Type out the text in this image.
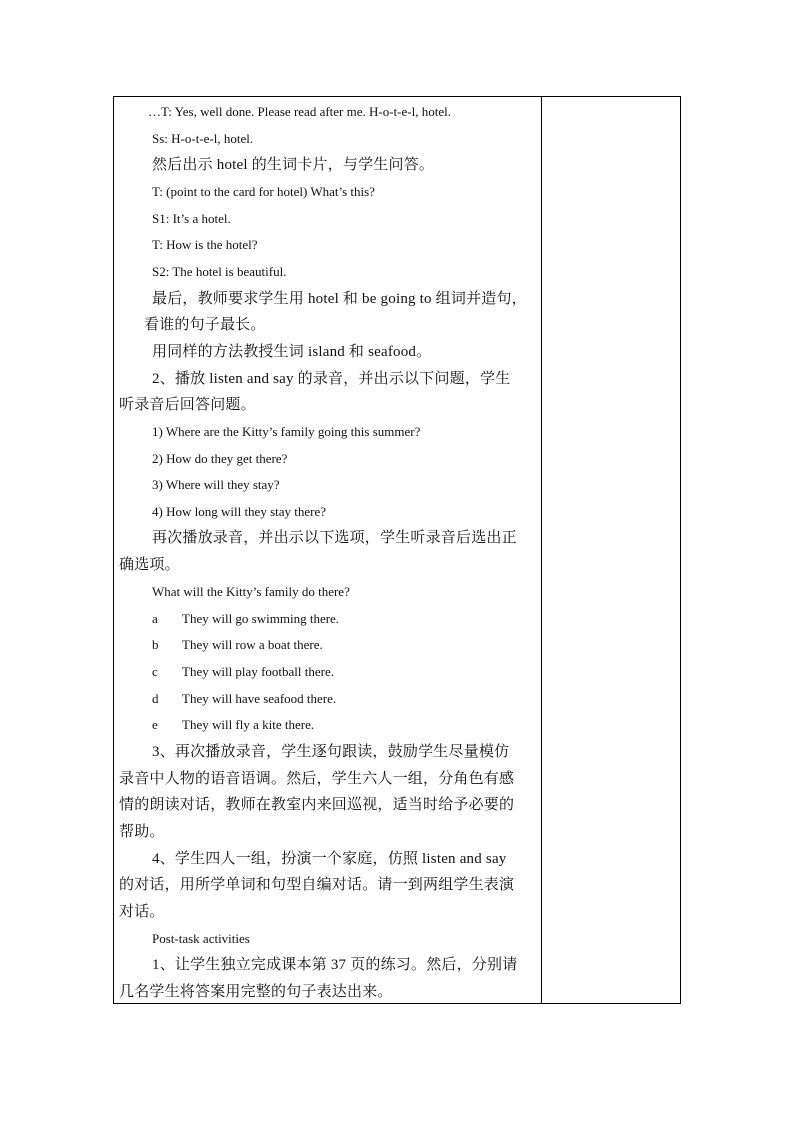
…T: Yes, well done. Please read after me. H-o-t-e-l, hotel.
Ss: H-o-t-e-l, hotel.
然后出示 hotel 的生词卡片，与学生问答。
T: (point to the card for hotel) What’s this?
S1: It’s a hotel.
T: How is the hotel?
S2: The hotel is beautiful.
最后，教师要求学生用 hotel 和 be going to 组词并造句，
看谁的句子最长。
用同样的方法教授生词 island 和 seafood。
2、播放 listen and say 的录音，并出示以下问题，学生
听录音后回答问题。
1) Where are the Kitty’s family going this summer?
2) How do they get there?
3) Where will they stay?
4) How long will they stay there?
再次播放录音，并出示以下选项，学生听录音后选出正
确选项。
What will the Kitty’s family do there?
a They will go swimming there.
b They will row a boat there.
c They will play football there.
d They will have seafood there.
e They will fly a kite there.
3、再次播放录音，学生逐句跟读，鼓励学生尽量模仿
录音中人物的语音语调。然后，学生六人一组，分角色有感
情的朗读对话，教师在教室内来回巡视，适当时给予必要的
帮助。
4、学生四人一组，扮演一个家庭，仿照 listen and say
的对话，用所学单词和句型自编对话。请一到两组学生表演
对话。
Post-task activities
1、让学生独立完成课本第 37 页的练习。然后，分别请
几名学生将答案用完整的句子表达出来。
